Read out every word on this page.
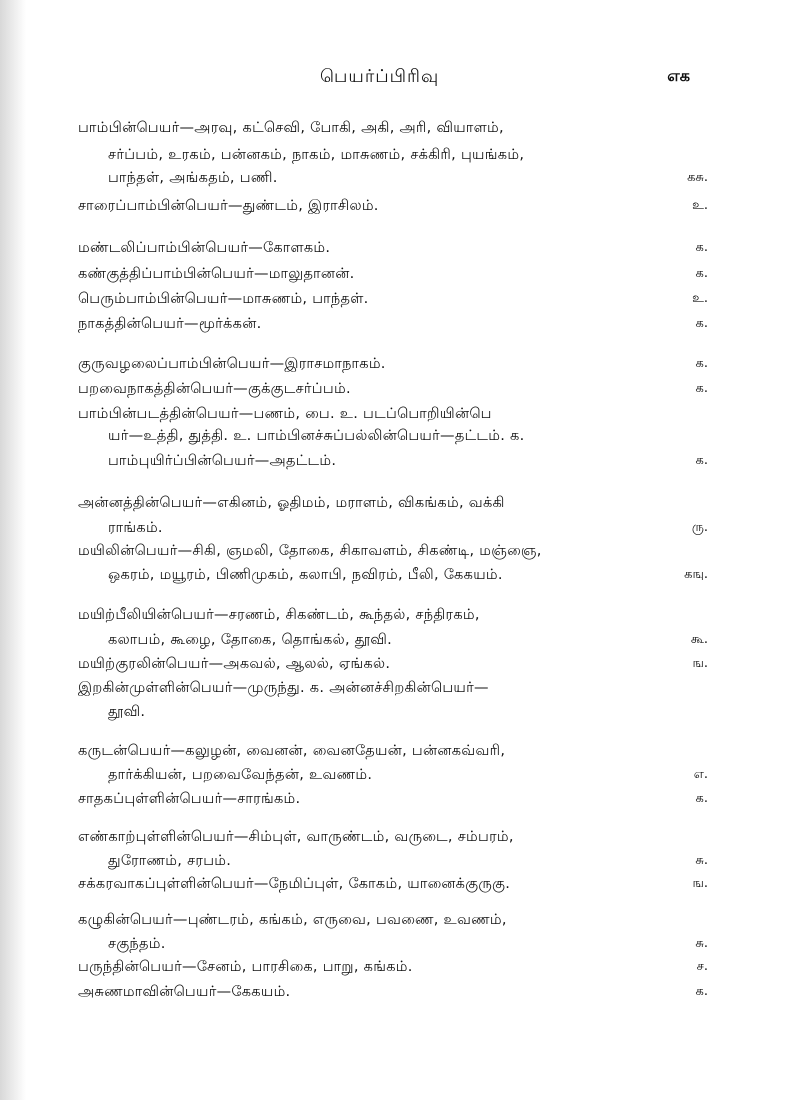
பெயர்ப்பிரிவு	எக
பாம்பின்பெயர்—அரவு, கட்செவி, போகி, அகி, அரி, வியாளம்,
சர்ப்பம், உரகம், பன்னகம், நாகம், மாசுணம், சக்கிரி, புயங்கம்,
பாந்தள், அங்கதம், பணி.	கசு.
சாரைப்பாம்பின்பெயர்—துண்டம், இராசிலம்.	உ.
மண்டலிப்பாம்பின்பெயர்—கோளகம்.	க.
கண்குத்திப்பாம்பின்பெயர்—மாலுதானன்.	க.
பெரும்பாம்பின்பெயர்—மாசுணம், பாந்தள்.	உ.
நாகத்தின்பெயர்—மூர்க்கன்.	க.
குருவழலைப்பாம்பின்பெயர்—இராசமாநாகம்.	க.
பறவைநாகத்தின்பெயர்—குக்குடசர்ப்பம்.	க.
பாம்பின்படத்தின்பெயர்—பணம், பை. உ. படப்பொறியின்பெ
யர்—உத்தி, துத்தி. உ. பாம்பினச்சுப்பல்லின்பெயர்—தட்டம். க.
பாம்புயிர்ப்பின்பெயர்—அதட்டம்.	க.
அன்னத்தின்பெயர்—எகினம், ஓதிமம், மராளம், விகங்கம், வக்கி
ராங்கம்.	ரு.
மயிலின்பெயர்—சிகி, ஞமலி, தோகை, சிகாவளம், சிகண்டி, மஞ்ஞை,
ஒகரம், மயூரம், பிணிமுகம், கலாபி, நவிரம், பீலி, கேகயம்.	கஙு.
மயிற்பீலியின்பெயர்—சரணம், சிகண்டம், கூந்தல், சந்திரகம்,
கலாபம், கூழை, தோகை, தொங்கல், தூவி.	கூ.
மயிற்குரலின்பெயர்—அகவல், ஆலல், ஏங்கல்.	ங.
இறகின்முள்ளின்பெயர்—முருந்து. க. அன்னச்சிறகின்பெயர்—
தூவி.
கருடன்பெயர்—கலுழன், வைனன், வைனதேயன், பன்னகவ்வரி,
தார்க்கியன், பறவைவேந்தன், உவணம்.	எ.
சாதகப்புள்ளின்பெயர்—சாரங்கம்.	க.
எண்காற்புள்ளின்பெயர்—சிம்புள், வாருண்டம், வருடை, சம்பரம்,
துரோணம், சரபம்.	சு.
சக்கரவாகப்புள்ளின்பெயர்—நேமிப்புள், கோகம், யானைக்குருகு.	ங.
கழுகின்பெயர்—புண்டரம், கங்கம், எருவை, பவணை, உவணம்,
சகுந்தம்.	சு.
பருந்தின்பெயர்—சேனம், பாரசிகை, பாறு, கங்கம்.	ச.
அசுணமாவின்பெயர்—கேகயம்.	க.
